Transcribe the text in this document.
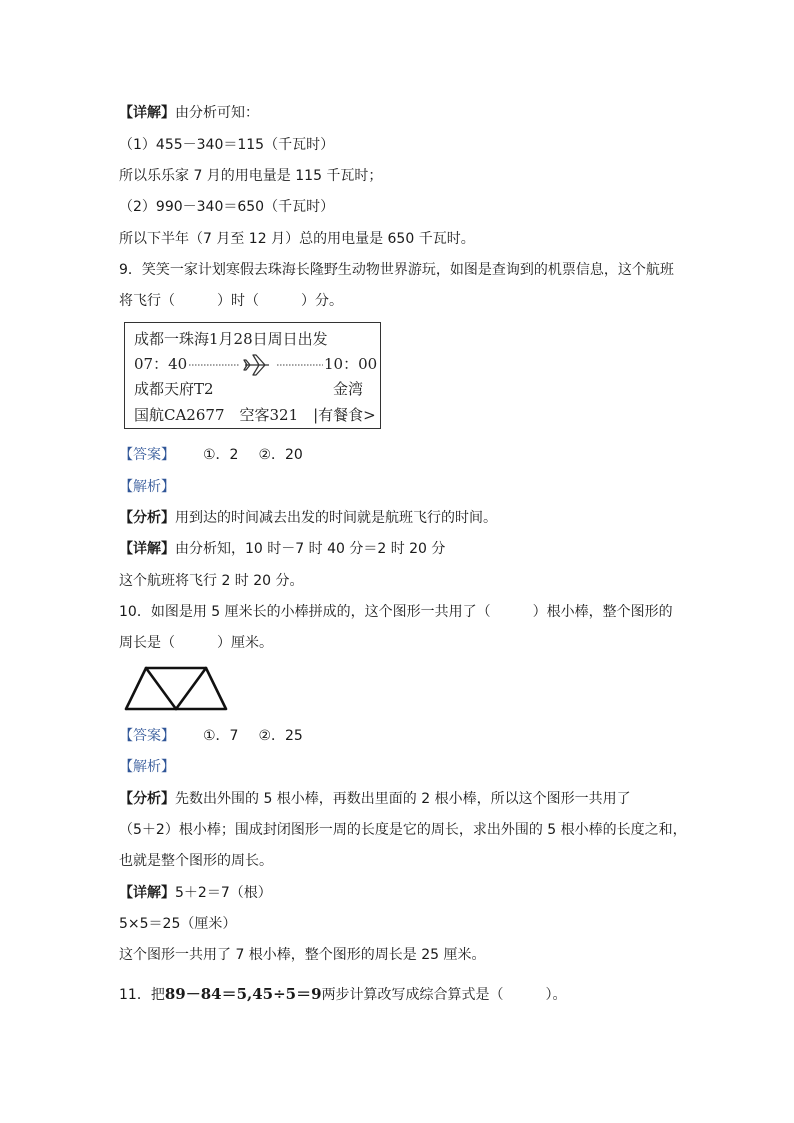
【详解】由分析可知：
（1）455－340＝115（千瓦时）
所以乐乐家 7 月的用电量是 115 千瓦时；
（2）990－340＝650（千瓦时）
所以下半年（7 月至 12 月）总的用电量是 650 千瓦时。
9．笑笑一家计划寒假去珠海长隆野生动物世界游玩，如图是查询到的机票信息，这个航班
将飞行（　　　）时（　　　）分。
成都一珠海1月28日周日出发
07：40	10：00
成都天府T2	金湾
国航CA2677　空客321　|有餐食>
【答案】 ①．2 ②．20
【解析】
【分析】用到达的时间减去出发的时间就是航班飞行的时间。
【详解】由分析知，10 时－7 时 40 分＝2 时 20 分
这个航班将飞行 2 时 20 分。
10．如图是用 5 厘米长的小棒拼成的，这个图形一共用了（　　　）根小棒，整个图形的
周长是（　　　）厘米。
【答案】 ①．7 ②．25
【解析】
【分析】先数出外围的 5 根小棒，再数出里面的 2 根小棒，所以这个图形一共用了
（5＋2）根小棒；围成封闭图形一周的长度是它的周长，求出外围的 5 根小棒的长度之和，
也就是整个图形的周长。
【详解】5＋2＝7（根）
5×5＝25（厘米）
这个图形一共用了 7 根小棒，整个图形的周长是 25 厘米。
11．把89－84＝5,45÷5＝9两步计算改写成综合算式是（　　　）。
